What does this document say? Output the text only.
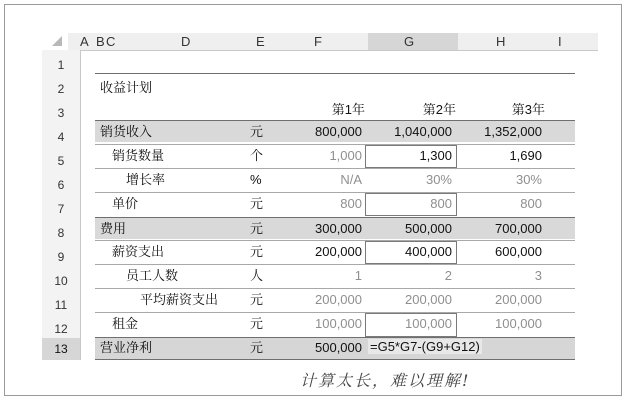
A B C	D	E	F	G	H	I
1
2
3
4
5
6
7
8
9
10
11
12
13
收益计划
第1年	第2年	第3年
销货收入	元	800,000	1,040,000	1,352,000
销货数量	个	1,000	1,300	1,690
增长率	%	N/A	30%	30%
单价	元	800	800	800
费用	元	300,000	500,000	700,000
薪资支出	元	200,000	400,000	600,000
员工人数	人	1	2	3
平均薪资支出 元	200,000	200,000	200,000
租金	元	100,000	100,000	100,000
营业净利	元	500,000 =G5*G7-(G9+G12)
计算太长，难以理解!
